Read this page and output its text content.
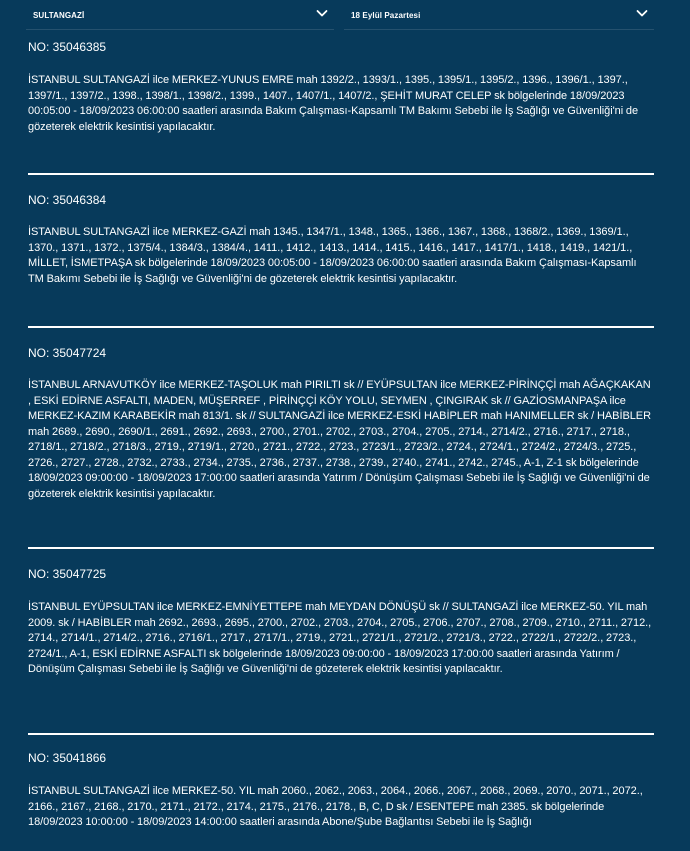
SULTANGAZİ	18 Eylül Pazartesi
NO: 35046385
İSTANBUL SULTANGAZİ ilce MERKEZ-YUNUS EMRE mah 1392/2., 1393/1., 1395., 1395/1., 1395/2., 1396., 1396/1., 1397., 1397/1., 1397/2., 1398., 1398/1., 1398/2., 1399., 1407., 1407/1., 1407/2., ŞEHİT MURAT CELEP sk bölgelerinde 18/09/2023 00:05:00 - 18/09/2023 06:00:00 saatleri arasında Bakım Çalışması-Kapsamlı TM Bakımı Sebebi ile İş Sağlığı ve Güvenliği'ni de gözeterek elektrik kesintisi yapılacaktır.
NO: 35046384
İSTANBUL SULTANGAZİ ilce MERKEZ-GAZİ mah 1345., 1347/1., 1348., 1365., 1366., 1367., 1368., 1368/2., 1369., 1369/1., 1370., 1371., 1372., 1375/4., 1384/3., 1384/4., 1411., 1412., 1413., 1414., 1415., 1416., 1417., 1417/1., 1418., 1419., 1421/1., MİLLET, İSMETPAŞA sk bölgelerinde 18/09/2023 00:05:00 - 18/09/2023 06:00:00 saatleri arasında Bakım Çalışması-Kapsamlı TM Bakımı Sebebi ile İş Sağlığı ve Güvenliği'ni de gözeterek elektrik kesintisi yapılacaktır.
NO: 35047724
İSTANBUL ARNAVUTKÖY ilce MERKEZ-TAŞOLUK mah PIRILTI sk // EYÜPSULTAN ilce MERKEZ-PİRİNÇÇİ mah AĞAÇKAKAN , ESKİ EDİRNE ASFALTI, MADEN, MÜŞERREF , PİRİNÇÇİ KÖY YOLU, SEYMEN , ÇINGIRAK sk // GAZİOSMANPAŞA ilce MERKEZ-KAZIM KARABEKİR mah 813/1. sk // SULTANGAZİ ilce MERKEZ-ESKİ HABİPLER mah HANIMELLER sk / HABİBLER mah 2689., 2690., 2690/1., 2691., 2692., 2693., 2700., 2701., 2702., 2703., 2704., 2705., 2714., 2714/2., 2716., 2717., 2718., 2718/1., 2718/2., 2718/3., 2719., 2719/1., 2720., 2721., 2722., 2723., 2723/1., 2723/2., 2724., 2724/1., 2724/2., 2724/3., 2725., 2726., 2727., 2728., 2732., 2733., 2734., 2735., 2736., 2737., 2738., 2739., 2740., 2741., 2742., 2745., A-1, Z-1 sk bölgelerinde 18/09/2023 09:00:00 - 18/09/2023 17:00:00 saatleri arasında Yatırım / Dönüşüm Çalışması Sebebi ile İş Sağlığı ve Güvenliği'ni de gözeterek elektrik kesintisi yapılacaktır.
NO: 35047725
İSTANBUL EYÜPSULTAN ilce MERKEZ-EMNİYETTEPE mah MEYDAN DÖNÜŞÜ sk // SULTANGAZİ ilce MERKEZ-50. YIL mah 2009. sk / HABİBLER mah 2692., 2693., 2695., 2700., 2702., 2703., 2704., 2705., 2706., 2707., 2708., 2709., 2710., 2711., 2712., 2714., 2714/1., 2714/2., 2716., 2716/1., 2717., 2717/1., 2719., 2721., 2721/1., 2721/2., 2721/3., 2722., 2722/1., 2722/2., 2723., 2724/1., A-1, ESKİ EDİRNE ASFALTI sk bölgelerinde 18/09/2023 09:00:00 - 18/09/2023 17:00:00 saatleri arasında Yatırım / Dönüşüm Çalışması Sebebi ile İş Sağlığı ve Güvenliği'ni de gözeterek elektrik kesintisi yapılacaktır.
NO: 35041866
İSTANBUL SULTANGAZİ ilce MERKEZ-50. YIL mah 2060., 2062., 2063., 2064., 2066., 2067., 2068., 2069., 2070., 2071., 2072., 2166., 2167., 2168., 2170., 2171., 2172., 2174., 2175., 2176., 2178., B, C, D sk / ESENTEPE mah 2385. sk bölgelerinde 18/09/2023 10:00:00 - 18/09/2023 14:00:00 saatleri arasında Abone/Şube Bağlantısı Sebebi ile İş Sağlığı
